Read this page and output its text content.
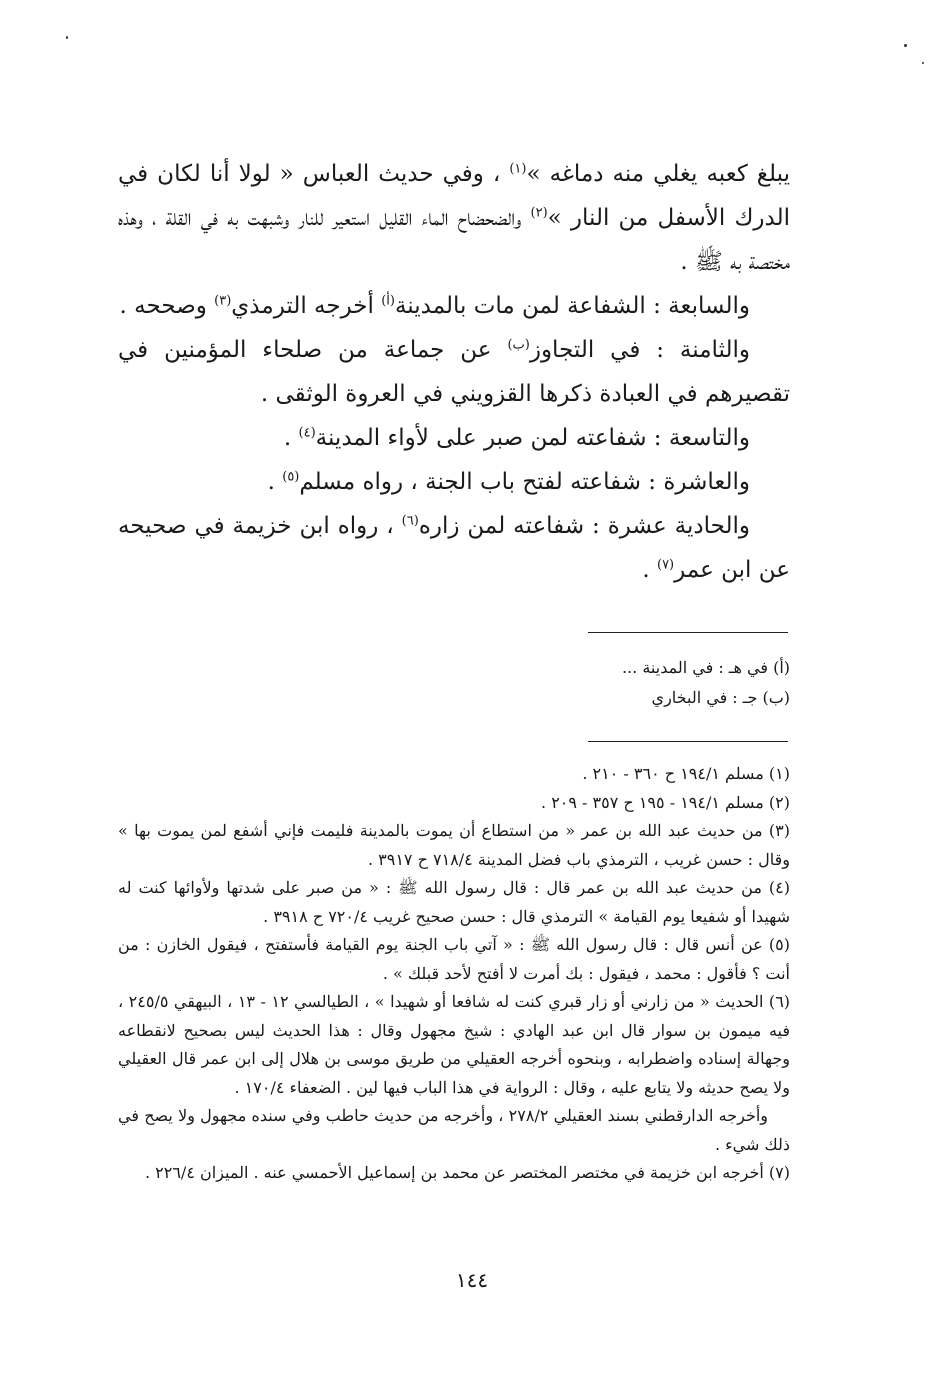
يبلغ كعبه يغلي منه دماغه »$^{(١)}$ ، وفي حديث العباس « لولا أنا لكان في الدرك الأسفل من النار »$^{(٢)}$ والضحضاح الماء القليل استعير للنار وشبهت به في القلة ، وهذه مختصة به ﷺ .

والسابعة : الشفاعة لمن مات بالمدينة$^{(أ)}$ أخرجه الترمذي$^{(٣)}$ وصححه .

والثامنة : في التجاوز$^{(ب)}$ عن جماعة من صلحاء المؤمنين في تقصيرهم في العبادة ذكرها القزويني في العروة الوثقى .

والتاسعة : شفاعته لمن صبر على لأواء المدينة$^{(٤)}$ .

والعاشرة : شفاعته لفتح باب الجنة ، رواه مسلم$^{(٥)}$ .

والحادية عشرة : شفاعته لمن زاره$^{(٦)}$ ، رواه ابن خزيمة في صحيحه عن ابن عمر$^{(٧)}$ .

(أ) في هـ : في المدينة ...

(ب) جـ : في البخاري

(١) مسلم ١٩٤/١ ح ٣٦٠ - ٢١٠ .

(٢) مسلم ١٩٤/١ - ١٩٥ ح ٣٥٧ - ٢٠٩ .

(٣) من حديث عبد الله بن عمر « من استطاع أن يموت بالمدينة فليمت فإني أشفع لمن يموت بها » وقال : حسن غريب ، الترمذي باب فضل المدينة ٧١٨/٤ ح ٣٩١٧ .

(٤) من حديث عبد الله بن عمر قال : قال رسول الله ﷺ : « من صبر على شدتها ولأوائها كنت له شهيدا أو شفيعا يوم القيامة » الترمذي قال : حسن صحيح غريب ٧٢٠/٤ ح ٣٩١٨ .

(٥) عن أنس قال : قال رسول الله ﷺ : « آتي باب الجنة يوم القيامة فأستفتح ، فيقول الخازن : من أنت ؟ فأقول : محمد ، فيقول : بك أمرت لا أفتح لأحد قبلك » .

(٦) الحديث « من زارني أو زار قبري كنت له شافعا أو شهيدا » ، الطيالسي ١٢ - ١٣ ، البيهقي ٢٤٥/٥ ، فيه ميمون بن سوار قال ابن عبد الهادي : شيخ مجهول وقال : هذا الحديث ليس بصحيح لانقطاعه وجهالة إسناده واضطرابه ، وبنحوه أخرجه العقيلي من طريق موسى بن هلال إلى ابن عمر قال العقيلي ولا يصح حديثه ولا يتابع عليه ، وقال : الرواية في هذا الباب فيها لين . الضعفاء ١٧٠/٤ .

وأخرجه الدارقطني بسند العقيلي ٢٧٨/٢ ، وأخرجه من حديث حاطب وفي سنده مجهول ولا يصح في ذلك شيء .

(٧) أخرجه ابن خزيمة في مختصر المختصر عن محمد بن إسماعيل الأحمسي عنه . الميزان ٢٢٦/٤ .

١٤٤
